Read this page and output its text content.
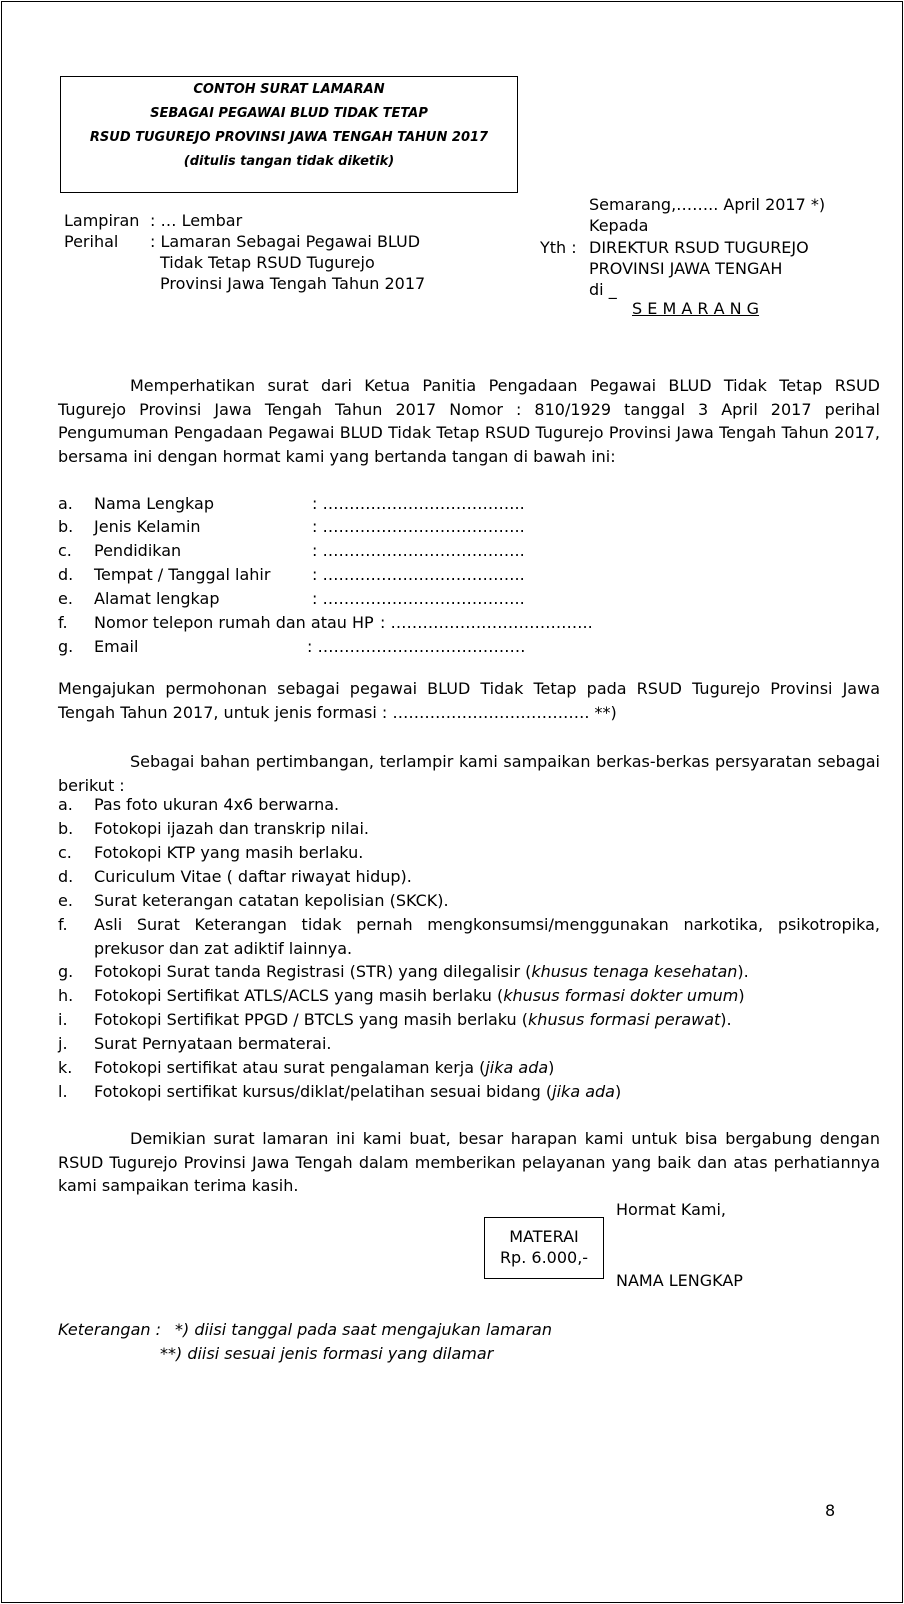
CONTOH SURAT LAMARAN
SEBAGAI PEGAWAI BLUD TIDAK TETAP
RSUD TUGUREJO PROVINSI JAWA TENGAH TAHUN 2017
(ditulis tangan tidak diketik)
Lampiran : … Lembar
Perihal : Lamaran Sebagai Pegawai BLUD
Tidak Tetap RSUD Tugurejo
Provinsi Jawa Tengah Tahun 2017
Semarang,…….. April 2017 *)
Kepada
Yth : DIREKTUR RSUD TUGUREJO
PROVINSI JAWA TENGAH
di _
S E M A R A N G
Memperhatikan surat dari Ketua Panitia Pengadaan Pegawai BLUD Tidak Tetap RSUD Tugurejo Provinsi Jawa Tengah Tahun 2017 Nomor : 810/1929 tanggal 3 April 2017 perihal Pengumuman Pengadaan Pegawai BLUD Tidak Tetap RSUD Tugurejo Provinsi Jawa Tengah Tahun 2017, bersama ini dengan hormat kami yang bertanda tangan di bawah ini:
a. Nama Lengkap	: ………………………………..
b. Jenis Kelamin	: ………………………………..
c. Pendidikan	: ………………………………..
d. Tempat / Tanggal lahir	: ………………………………..
e. Alamat lengkap	: ………………………………..
f. Nomor telepon rumah dan atau HP : ………………………………..
g. Email	: …………………………………
Mengajukan permohonan sebagai pegawai BLUD Tidak Tetap pada RSUD Tugurejo Provinsi Jawa Tengah Tahun 2017, untuk jenis formasi : ………………………………. **)
Sebagai bahan pertimbangan, terlampir kami sampaikan berkas-berkas persyaratan sebagai berikut :
a. Pas foto ukuran 4x6 berwarna.
b. Fotokopi ijazah dan transkrip nilai.
c. Fotokopi KTP yang masih berlaku.
d. Curiculum Vitae ( daftar riwayat hidup).
e. Surat keterangan catatan kepolisian (SKCK).
f. Asli Surat Keterangan tidak pernah mengkonsumsi/menggunakan narkotika, psikotropika, prekusor dan zat adiktif lainnya.
g. Fotokopi Surat tanda Registrasi (STR) yang dilegalisir (khusus tenaga kesehatan).
h. Fotokopi Sertifikat ATLS/ACLS yang masih berlaku (khusus formasi dokter umum)
i. Fotokopi Sertifikat PPGD / BTCLS yang masih berlaku (khusus formasi perawat).
j. Surat Pernyataan bermaterai.
k. Fotokopi sertifikat atau surat pengalaman kerja (jika ada)
l. Fotokopi sertifikat kursus/diklat/pelatihan sesuai bidang (jika ada)
Demikian surat lamaran ini kami buat, besar harapan kami untuk bisa bergabung dengan RSUD Tugurejo Provinsi Jawa Tengah dalam memberikan pelayanan yang baik dan atas perhatiannya kami sampaikan terima kasih.
Hormat Kami,
MATERAI
Rp. 6.000,-
NAMA LENGKAP
Keterangan : *) diisi tanggal pada saat mengajukan lamaran
**) diisi sesuai jenis formasi yang dilamar
8
